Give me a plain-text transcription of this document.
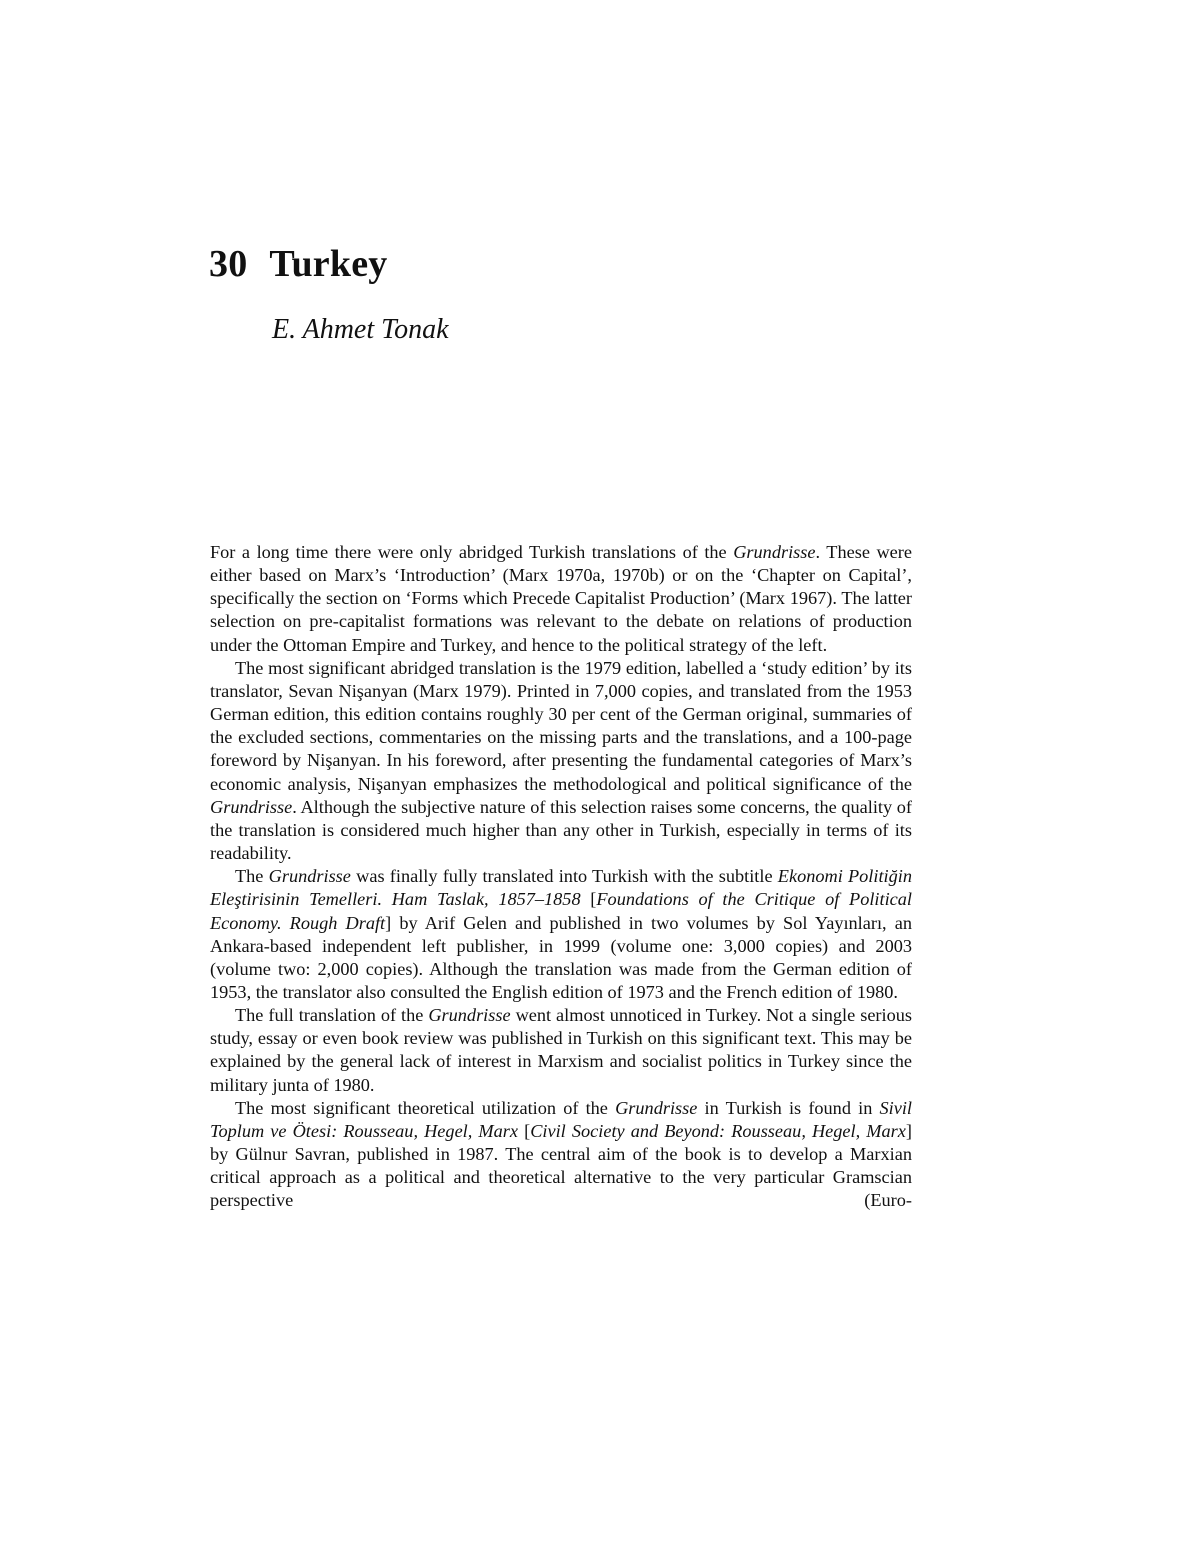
30 Turkey

E. Ahmet Tonak

For a long time there were only abridged Turkish translations of the Grundrisse. These were either based on Marx’s ‘Introduction’ (Marx 1970a, 1970b) or on the ‘Chapter on Capital’, specifically the section on ‘Forms which Precede Capitalist Production’ (Marx 1967). The latter selection on pre-capitalist formations was relevant to the debate on relations of production under the Ottoman Empire and Turkey, and hence to the political strategy of the left.

The most significant abridged translation is the 1979 edition, labelled a ‘study edition’ by its translator, Sevan Nişanyan (Marx 1979). Printed in 7,000 copies, and translated from the 1953 German edition, this edition contains roughly 30 per cent of the German original, summaries of the excluded sections, commentaries on the missing parts and the translations, and a 100-page foreword by Nişanyan. In his foreword, after presenting the fundamental categories of Marx’s economic analysis, Nişanyan emphasizes the methodological and political significance of the Grundrisse. Although the subjective nature of this selection raises some concerns, the quality of the translation is considered much higher than any other in Turkish, especially in terms of its readability.

The Grundrisse was finally fully translated into Turkish with the subtitle Ekonomi Politiğin Eleştirisinin Temelleri. Ham Taslak, 1857–1858 [Foundations of the Critique of Political Economy. Rough Draft] by Arif Gelen and published in two volumes by Sol Yayınları, an Ankara-based independent left publisher, in 1999 (volume one: 3,000 copies) and 2003 (volume two: 2,000 copies). Although the translation was made from the German edition of 1953, the translator also consulted the English edition of 1973 and the French edition of 1980.

The full translation of the Grundrisse went almost unnoticed in Turkey. Not a single serious study, essay or even book review was published in Turkish on this significant text. This may be explained by the general lack of interest in Marxism and socialist politics in Turkey since the military junta of 1980.

The most significant theoretical utilization of the Grundrisse in Turkish is found in Sivil Toplum ve Ötesi: Rousseau, Hegel, Marx [Civil Society and Beyond: Rousseau, Hegel, Marx] by Gülnur Savran, published in 1987. The central aim of the book is to develop a Marxian critical approach as a political and theoretical alternative to the very particular Gramscian perspective (Euro-
